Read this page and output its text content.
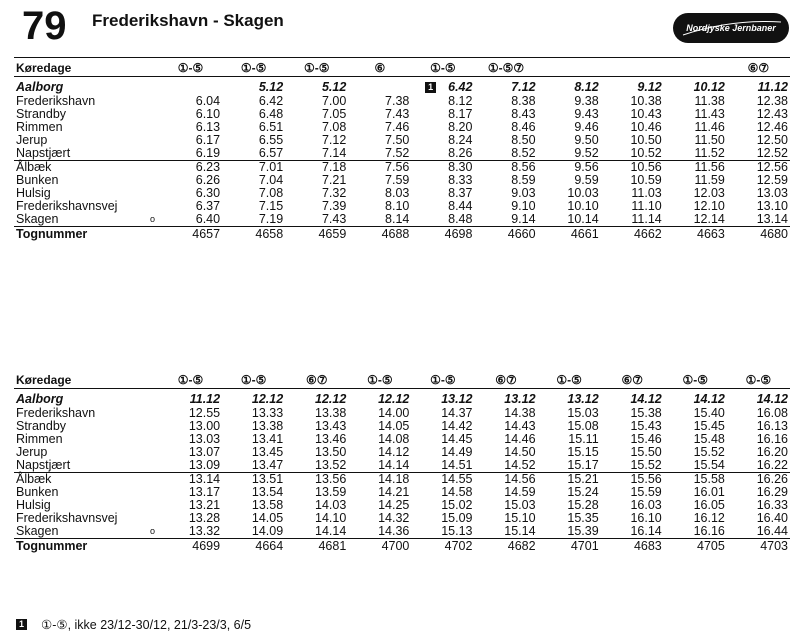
79 Frederikshavn - Skagen	Nordjyske Jernbaner
Køredage		①-⑤	①-⑤	①-⑤	⑥	①-⑤	①-⑤⑦				⑥⑦
Aalborg			5.12	5.12		1 6.42	7.12	8.12	9.12	10.12	11.12
Frederikshavn		6.04	6.42	7.00	7.38	8.12	8.38	9.38	10.38	11.38	12.38
Strandby		6.10	6.48	7.05	7.43	8.17	8.43	9.43	10.43	11.43	12.43
Rimmen		6.13	6.51	7.08	7.46	8.20	8.46	9.46	10.46	11.46	12.46
Jerup		6.17	6.55	7.12	7.50	8.24	8.50	9.50	10.50	11.50	12.50
Napstjært		6.19	6.57	7.14	7.52	8.26	8.52	9.52	10.52	11.52	12.52
Ålbæk		6.23	7.01	7.18	7.56	8.30	8.56	9.56	10.56	11.56	12.56
Bunken		6.26	7.04	7.21	7.59	8.33	8.59	9.59	10.59	11.59	12.59
Hulsig		6.30	7.08	7.32	8.03	8.37	9.03	10.03	11.03	12.03	13.03
Frederikshavnsvej		6.37	7.15	7.39	8.10	8.44	9.10	10.10	11.10	12.10	13.10
Skagen	o	6.40	7.19	7.43	8.14	8.48	9.14	10.14	11.14	12.14	13.14
Tognummer		4657	4658	4659	4688	4698	4660	4661	4662	4663	4680
Køredage		①-⑤	①-⑤	⑥⑦	①-⑤	①-⑤	⑥⑦	①-⑤	⑥⑦	①-⑤	①-⑤
Aalborg		11.12	12.12	12.12	12.12	13.12	13.12	13.12	14.12	14.12	14.12
Frederikshavn		12.55	13.33	13.38	14.00	14.37	14.38	15.03	15.38	15.40	16.08
Strandby		13.00	13.38	13.43	14.05	14.42	14.43	15.08	15.43	15.45	16.13
Rimmen		13.03	13.41	13.46	14.08	14.45	14.46	15.11	15.46	15.48	16.16
Jerup		13.07	13.45	13.50	14.12	14.49	14.50	15.15	15.50	15.52	16.20
Napstjært		13.09	13.47	13.52	14.14	14.51	14.52	15.17	15.52	15.54	16.22
Ålbæk		13.14	13.51	13.56	14.18	14.55	14.56	15.21	15.56	15.58	16.26
Bunken		13.17	13.54	13.59	14.21	14.58	14.59	15.24	15.59	16.01	16.29
Hulsig		13.21	13.58	14.03	14.25	15.02	15.03	15.28	16.03	16.05	16.33
Frederikshavnsvej		13.28	14.05	14.10	14.32	15.09	15.10	15.35	16.10	16.12	16.40
Skagen	o	13.32	14.09	14.14	14.36	15.13	15.14	15.39	16.14	16.16	16.44
Tognummer		4699	4664	4681	4700	4702	4682	4701	4683	4705	4703
1 ①-⑤, ikke 23/12-30/12, 21/3-23/3, 6/5
